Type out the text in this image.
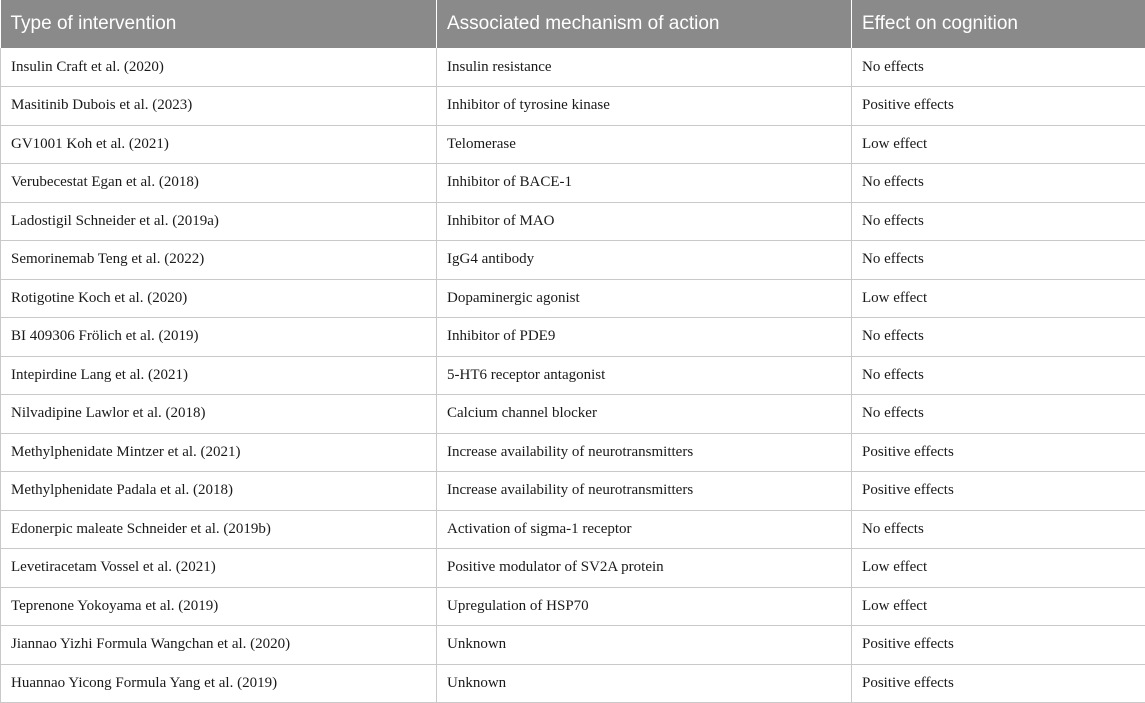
Type of intervention	Associated mechanism of action	Effect on cognition
Insulin Craft et al. (2020)	Insulin resistance	No effects
Masitinib Dubois et al. (2023)	Inhibitor of tyrosine kinase	Positive effects
GV1001 Koh et al. (2021)	Telomerase	Low effect
Verubecestat Egan et al. (2018)	Inhibitor of BACE-1	No effects
Ladostigil Schneider et al. (2019a)	Inhibitor of MAO	No effects
Semorinemab Teng et al. (2022)	IgG4 antibody	No effects
Rotigotine Koch et al. (2020)	Dopaminergic agonist	Low effect
BI 409306 Frölich et al. (2019)	Inhibitor of PDE9	No effects
Intepirdine Lang et al. (2021)	5-HT6 receptor antagonist	No effects
Nilvadipine Lawlor et al. (2018)	Calcium channel blocker	No effects
Methylphenidate Mintzer et al. (2021)	Increase availability of neurotransmitters	Positive effects
Methylphenidate Padala et al. (2018)	Increase availability of neurotransmitters	Positive effects
Edonerpic maleate Schneider et al. (2019b)	Activation of sigma-1 receptor	No effects
Levetiracetam Vossel et al. (2021)	Positive modulator of SV2A protein	Low effect
Teprenone Yokoyama et al. (2019)	Upregulation of HSP70	Low effect
Jiannao Yizhi Formula Wangchan et al. (2020)	Unknown	Positive effects
Huannao Yicong Formula Yang et al. (2019)	Unknown	Positive effects
